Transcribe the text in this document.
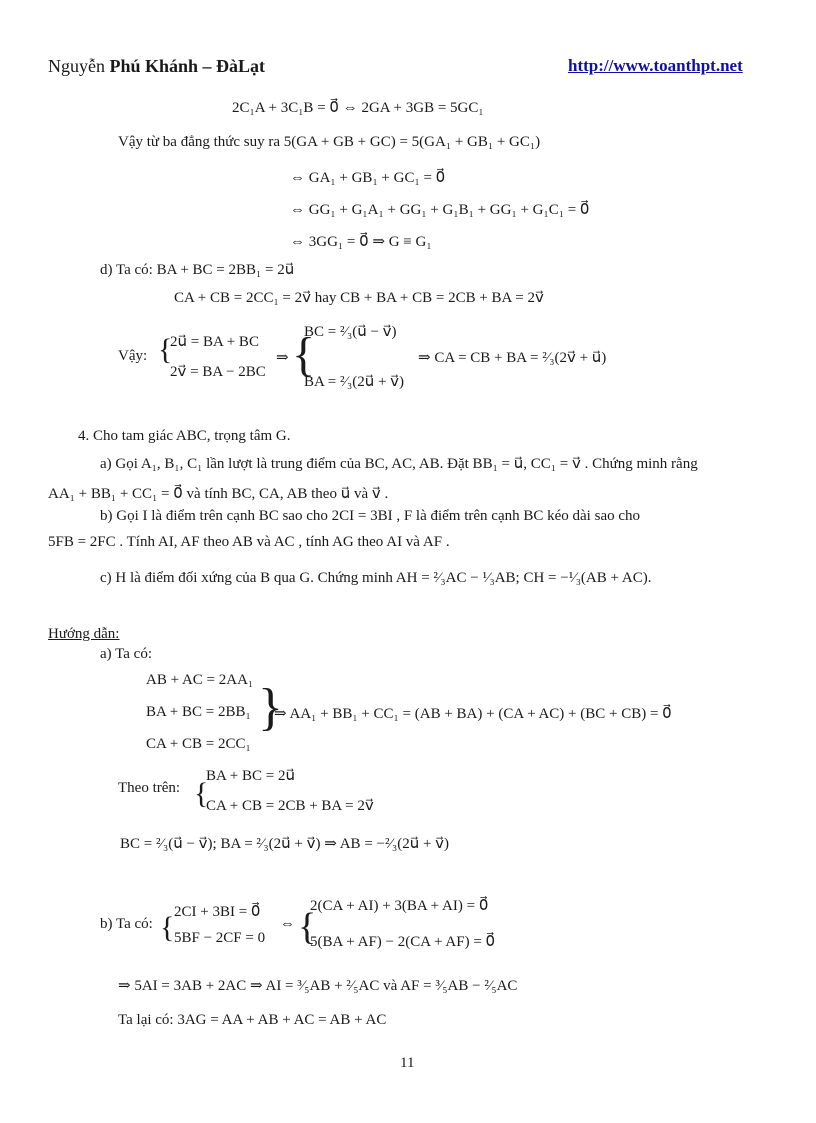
Nguyễn Phú Khánh – ĐàLạt	http://www.toanthpt.net
2C₁A + 3C₁B = 0⃗ ⇔ 2GA + 3GB = 5GC₁
Vậy từ ba đẳng thức suy ra 5(GA + GB + GC) = 5(GA₁ + GB₁ + GC₁)
⇔ GA₁ + GB₁ + GC₁ = 0⃗
⇔ GG₁ + G₁A₁ + GG₁ + G₁B₁ + GG₁ + G₁C₁ = 0⃗
⇔ 3GG₁ = 0⃗ ⇒ G ≡ G₁
d) Ta có: BA + BC = 2BB₁ = 2u⃗
CA + CB = 2CC₁ = 2v⃗ hay CB + BA + CB = 2CB + BA = 2v⃗
Vậy: {
2u⃗ = BA + BC
2v⃗ = BA − 2BC
⇒ {
BC = ²⁄₃(u⃗ − v⃗)
BA = ²⁄₃(2u⃗ + v⃗)
⇒ CA = CB + BA = ²⁄₃(2v⃗ + u⃗)
4. Cho tam giác ABC, trọng tâm G.
a) Gọi A₁, B₁, C₁ lần lượt là trung điểm của BC, AC, AB. Đặt BB₁ = u⃗, CC₁ = v⃗ . Chứng minh rằng
AA₁ + BB₁ + CC₁ = 0⃗ và tính BC, CA, AB theo u⃗ và v⃗ .
b) Gọi I là điểm trên cạnh BC sao cho 2CI = 3BI , F là điểm trên cạnh BC kéo dài sao cho
5FB = 2FC . Tính AI, AF theo AB và AC , tính AG theo AI và AF .
c) H là điểm đối xứng của B qua G. Chứng minh AH = ²⁄₃AC − ¹⁄₃AB; CH = −¹⁄₃(AB + AC).
Hướng dẫn:
a) Ta có:
AB + AC = 2AA₁
BA + BC = 2BB₁
CA + CB = 2CC₁
}
⇒ AA₁ + BB₁ + CC₁ = (AB + BA) + (CA + AC) + (BC + CB) = 0⃗
Theo trên: {
BA + BC = 2u⃗
CA + CB = 2CB + BA = 2v⃗
BC = ²⁄₃(u⃗ − v⃗); BA = ²⁄₃(2u⃗ + v⃗) ⇒ AB = −²⁄₃(2u⃗ + v⃗)
b) Ta có: { 2CI + 3BI = 0⃗
5BF − 2CF = 0
⇔ {
2(CA + AI) + 3(BA + AI) = 0⃗
5(BA + AF) − 2(CA + AF) = 0⃗
⇒ 5AI = 3AB + 2AC ⇒ AI = ³⁄₅AB + ²⁄₅AC và AF = ³⁄₅AB − ²⁄₅AC
Ta lại có: 3AG = AA + AB + AC = AB + AC
11
